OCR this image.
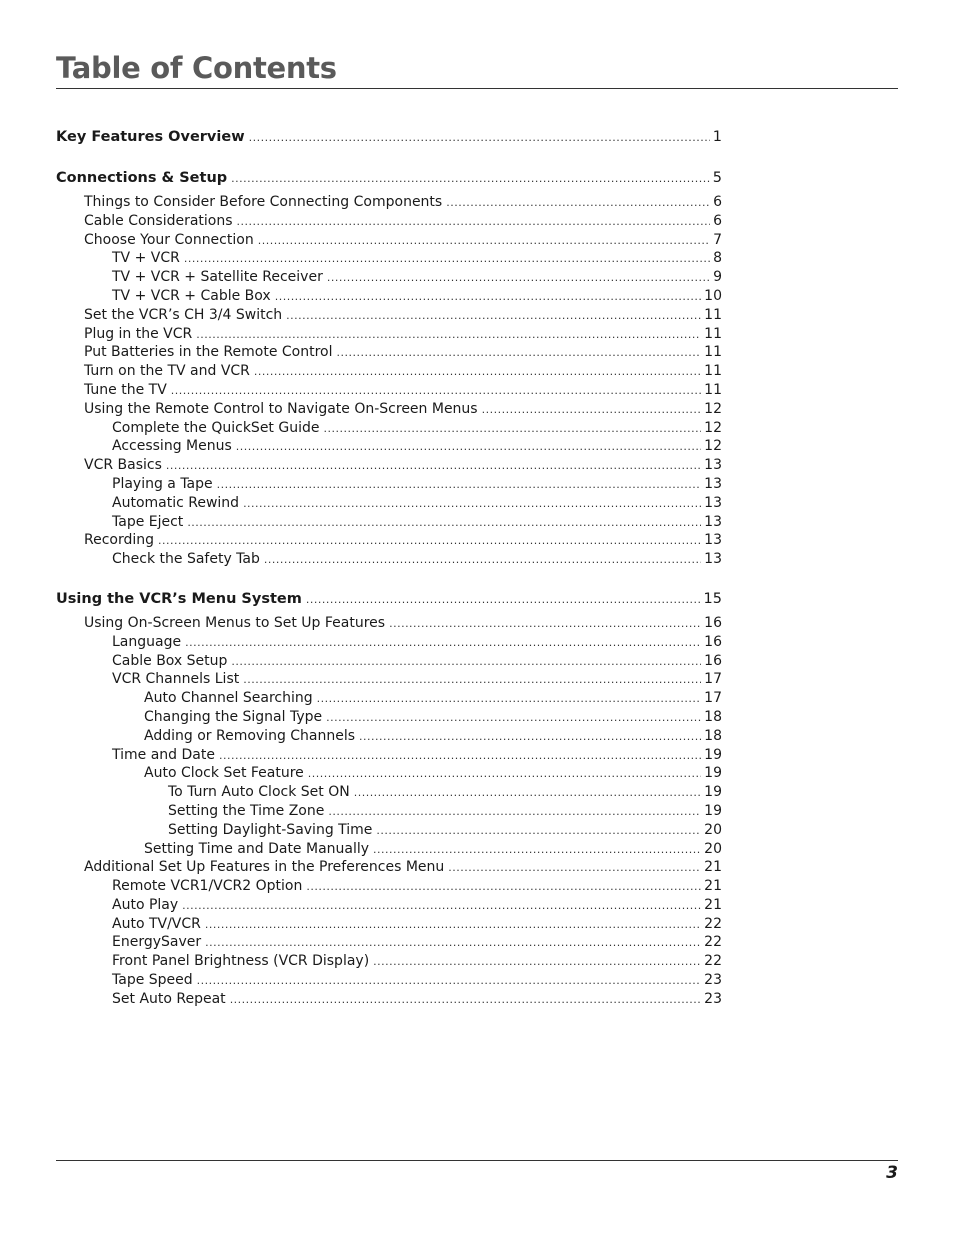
Table of Contents
Key Features Overview .....	1
Connections & Setup .....	5
Things to Consider Before Connecting Components .....	6
Cable Considerations .....	6
Choose Your Connection .....	7
TV + VCR .....	8
TV + VCR + Satellite Receiver .....	9
TV + VCR + Cable Box .....	10
Set the VCR’s CH 3/4 Switch .....	11
Plug in the VCR .....	11
Put Batteries in the Remote Control .....	11
Turn on the TV and VCR .....	11
Tune the TV .....	11
Using the Remote Control to Navigate On-Screen Menus .....	12
Complete the QuickSet Guide .....	12
Accessing Menus .....	12
VCR Basics .....	13
Playing a Tape .....	13
Automatic Rewind .....	13
Tape Eject .....	13
Recording .....	13
Check the Safety Tab .....	13
Using the VCR’s Menu System .....	15
Using On-Screen Menus to Set Up Features .....	16
Language .....	16
Cable Box Setup .....	16
VCR Channels List .....	17
Auto Channel Searching .....	17
Changing the Signal Type .....	18
Adding or Removing Channels .....	18
Time and Date .....	19
Auto Clock Set Feature .....	19
To Turn Auto Clock Set ON .....	19
Setting the Time Zone .....	19
Setting Daylight-Saving Time .....	20
Setting Time and Date Manually .....	20
Additional Set Up Features in the Preferences Menu .....	21
Remote VCR1/VCR2 Option .....	21
Auto Play .....	21
Auto TV/VCR .....	22
EnergySaver .....	22
Front Panel Brightness (VCR Display) .....	22
Tape Speed .....	23
Set Auto Repeat .....	23
3
